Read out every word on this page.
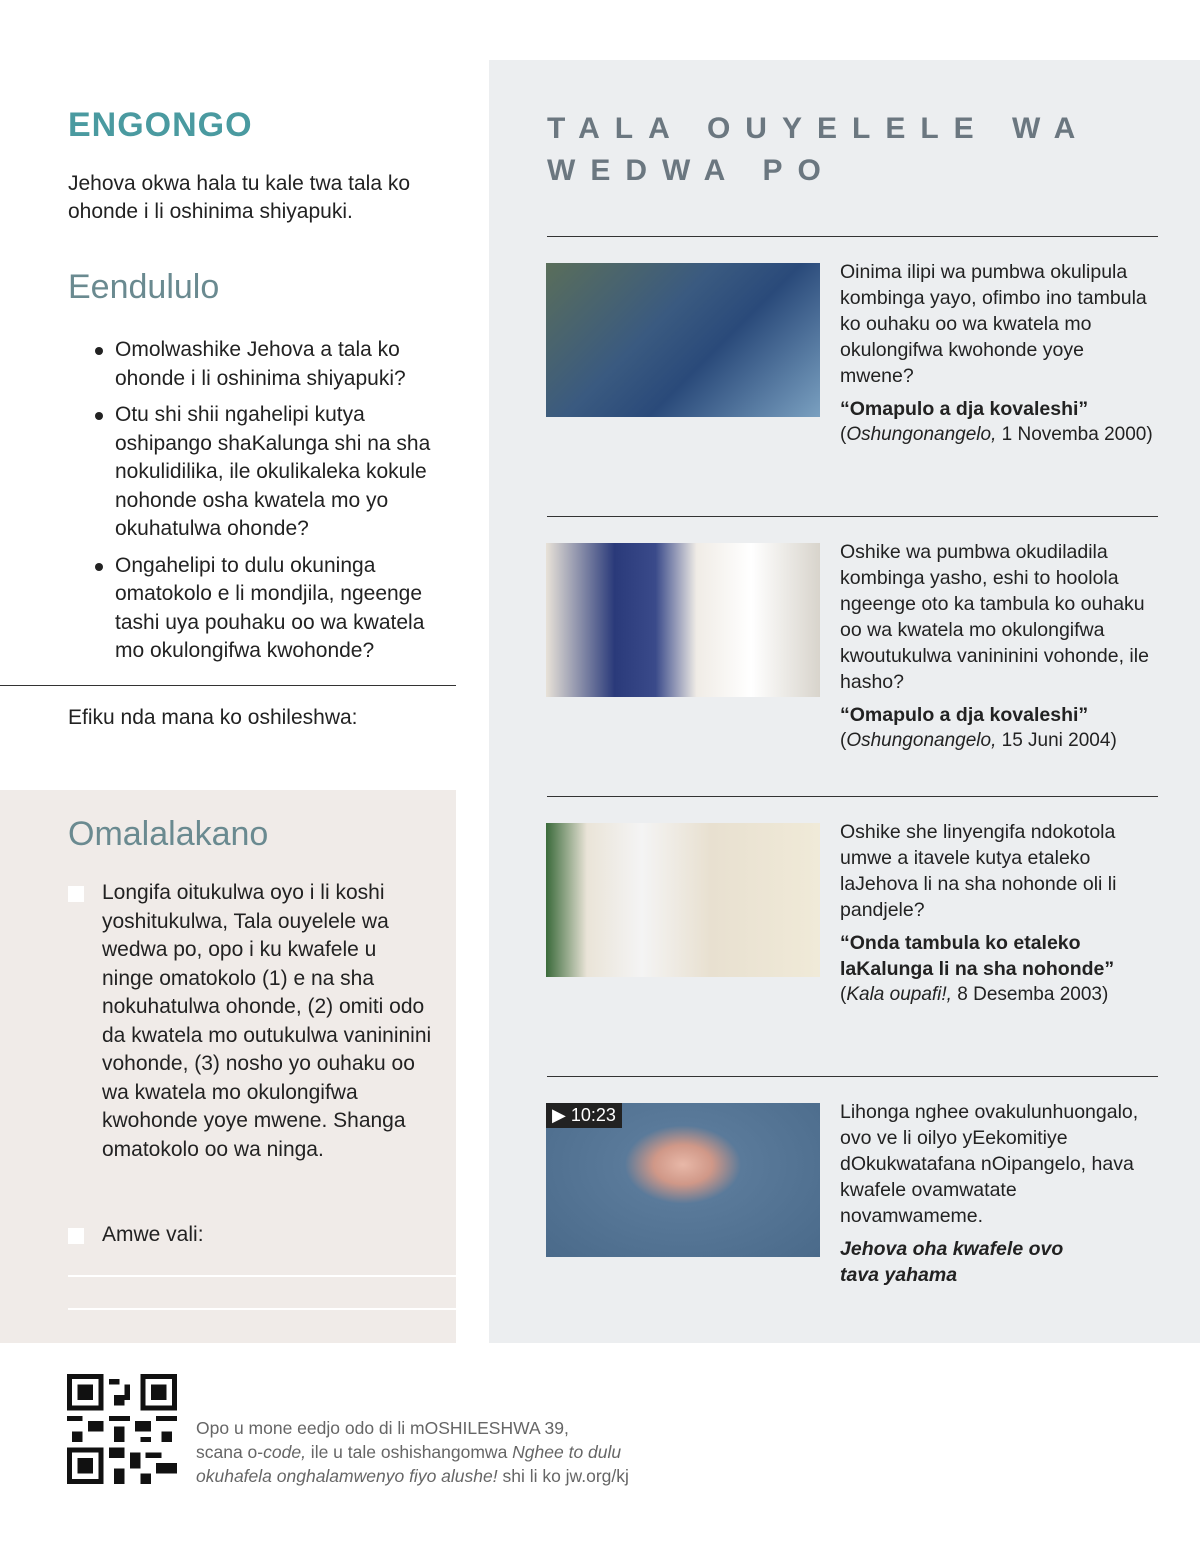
ENGONGO
Jehova okwa hala tu kale twa tala ko ohonde i li oshinima shiyapuki.
Eendululo
Omolwashike Jehova a tala ko ohonde i li oshinima shiyapuki?
Otu shi shii ngahelipi kutya oshipango shaKalunga shi na sha nokulidilika, ile okulikaleka kokule nohonde osha kwatela mo yo okuhatulwa ohonde?
Ongahelipi to dulu okuninga omatokolo e li mondjila, ngeenge tashi uya pouhaku oo wa kwatela mo okulongifwa kwohonde?
Efiku nda mana ko oshileshwa:
Omalalakano
Longifa oitukulwa oyo i li koshi yoshitukulwa, Tala ouyelele wa wedwa po, opo i ku kwafele u ninge omatokolo (1) e na sha nokuhatulwa ohonde, (2) omiti odo da kwatela mo outukulwa vanininini vohonde, (3) nosho yo ouhaku oo wa kwatela mo okulongifwa kwohonde yoye mwene. Shanga omatokolo oo wa ninga.
Amwe vali:
TALA OUYELELE WA WEDWA PO
Oinima ilipi wa pumbwa okulipula kombinga yayo, ofimbo ino tambula ko ouhaku oo wa kwatela mo okulongifwa kwohonde yoye mwene?
“Omapulo a dja kovaleshi”
(Oshungonangelo, 1 Novemba 2000)
Oshike wa pumbwa okudiladila kombinga yasho, eshi to hoolola ngeenge oto ka tambula ko ouhaku oo wa kwatela mo okulongifwa kwoutukulwa vanininini vohonde, ile hasho?
“Omapulo a dja kovaleshi”
(Oshungonangelo, 15 Juni 2004)
Oshike she linyengifa ndokotola umwe a itavele kutya etaleko laJehova li na sha nohonde oli li pandjele?
“Onda tambula ko etaleko laKalunga li na sha nohonde”
(Kala oupafi!, 8 Desemba 2003)
▶ 10:23	Lihonga nghee ovakulunhuongalo, ovo ve li oilyo yEekomitiye dOkukwatafana nOipangelo, hava kwafele ovamwatate novamwameme.
Jehova oha kwafele ovo tava yahama
Opo u mone eedjo odo di li mOSHILESHWA 39,
scana o-code, ile u tale oshishangomwa Nghee to dulu
okuhafela onghalamwenyo fiyo alushe! shi li ko jw.org/kj
